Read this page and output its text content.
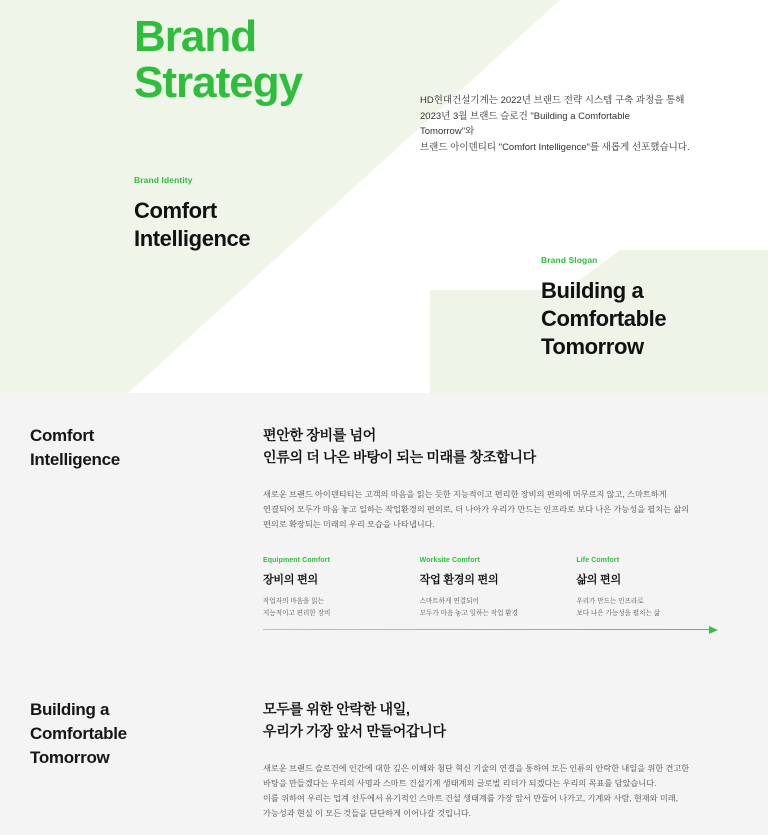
Brand
Strategy	HD현대건설기계는 2022년 브랜드 전략 시스템 구축 과정을 통해

2023년 3월 브랜드 슬로건 "Building a Comfortable

Tomorrow"와

브랜드 아이덴티티 "Comfort Intelligence"를 새롭게 선포했습니다.

Brand Identity
Comfort
Intelligence
Brand Slogan
Building a
Comfortable
Tomorrow
Comfort
Intelligence
편안한 장비를 넘어
인류의 더 나은 바탕이 되는 미래를 창조합니다

새로운 브랜드 아이덴티티는 고객의 마음을 읽는 듯한 지능적이고 편리한 장비의 편의에 머무르지 않고, 스마트하게

연결되어 모두가 마음 놓고 일하는 작업환경의 편의로, 더 나아가 우리가 만드는 인프라로 보다 나은 가능성을 펼치는 삶의

편의로 확장되는 미래의 우리 모습을 나타냅니다.

Equipment Comfort
장비의 편의

작업자의 마음을 읽는

지능적이고 편리한 장비

Worksite Comfort
작업 환경의 편의

스마트하게 연결되어

모두가 마음 놓고 일하는 작업 환경

Life Comfort
삶의 편의

우리가 만드는 인프라로

보다 나은 가능성을 펼치는 삶

Building a
Comfortable
Tomorrow
모두를 위한 안락한 내일,
우리가 가장 앞서 만들어갑니다

새로운 브랜드 슬로건에 인간에 대한 깊은 이해와 첨단 혁신 기술의 연결을 통하여 모든 인류의 안락한 내일을 위한 견고한

바탕을 만들겠다는 우리의 사명과 스마트 건설기계 생태계의 글로벌 리더가 되겠다는 우리의 목표를 담았습니다.

이를 위하여 우리는 업계 선두에서 유기적인 스마트 건설 생태계를 가장 앞서 만들어 나가고, 기계와 사람, 현재와 미래,

가능성과 현실 이 모든 것들을 단단하게 이어나갈 것입니다.
